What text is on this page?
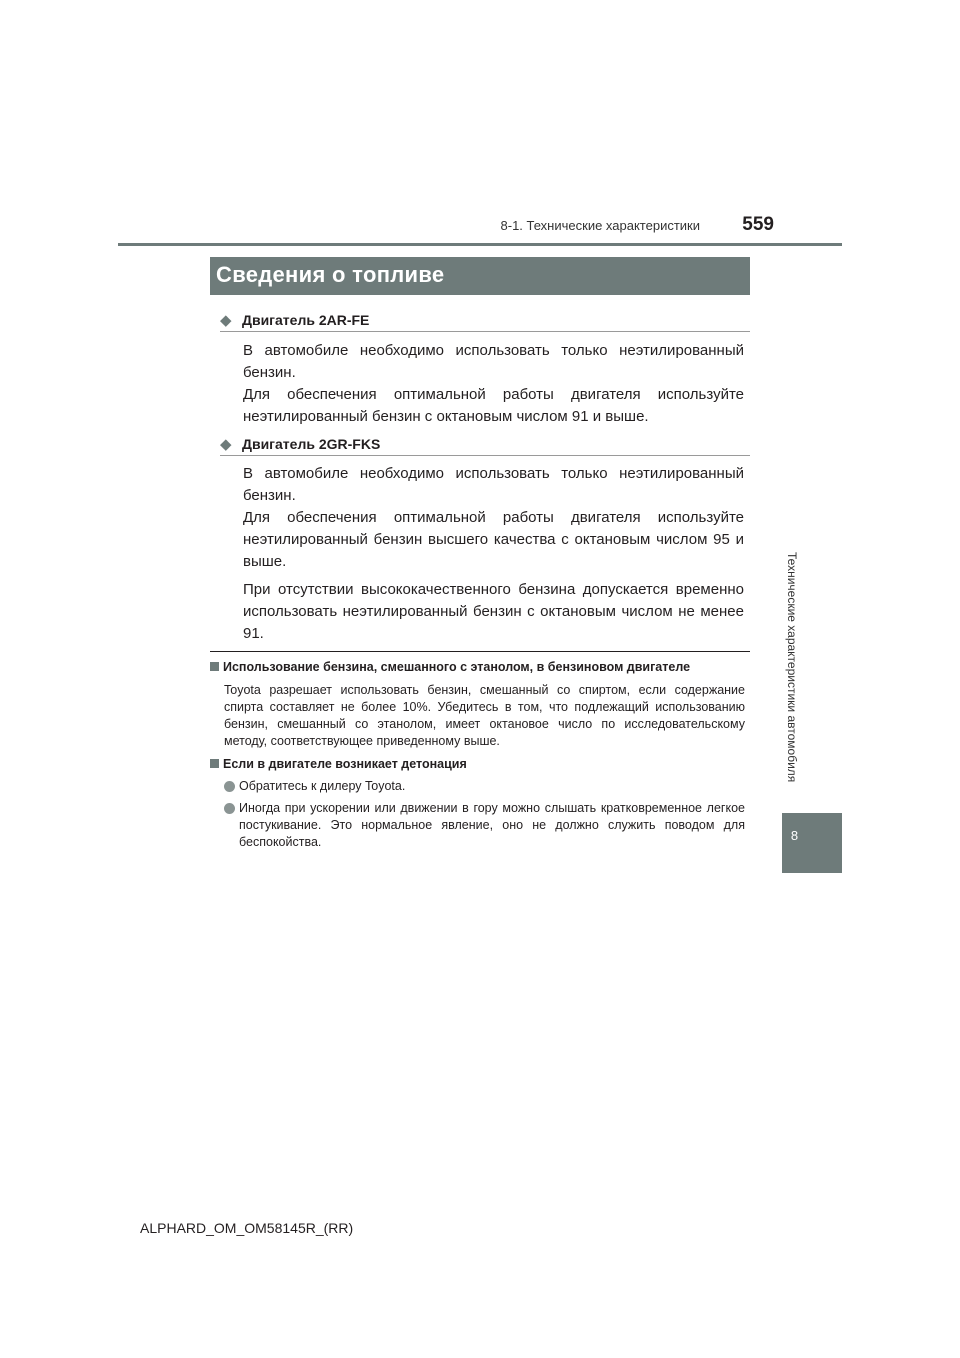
8-1. Технические характеристики	559
Технические характеристики автомобиля
8
Сведения о топливе
◆ Двигатель 2AR-FE
В автомобиле необходимо использовать только неэтилированный бензин.
Для обеспечения оптимальной работы двигателя используйте неэтилированный бензин с октановым числом 91 и выше.
◆ Двигатель 2GR-FKS
В автомобиле необходимо использовать только неэтилированный бензин.
Для обеспечения оптимальной работы двигателя используйте неэтилированный бензин высшего качества с октановым числом 95 и выше.
При отсутствии высококачественного бензина допускается временно использовать неэтилированный бензин с октановым числом не менее 91.
Использование бензина, смешанного с этанолом, в бензиновом двигателе
Toyota разрешает использовать бензин, смешанный со спиртом, если содержание спирта составляет не более 10%. Убедитесь в том, что подлежащий использованию бензин, смешанный со этанолом, имеет октановое число по исследовательскому методу, соответствующее приведенному выше.
Если в двигателе возникает детонация
Обратитесь к дилеру Toyota.
Иногда при ускорении или движении в гору можно слышать кратковременное легкое постукивание. Это нормальное явление, оно не должно служить поводом для беспокойства.
ALPHARD_OM_OM58145R_(RR)
